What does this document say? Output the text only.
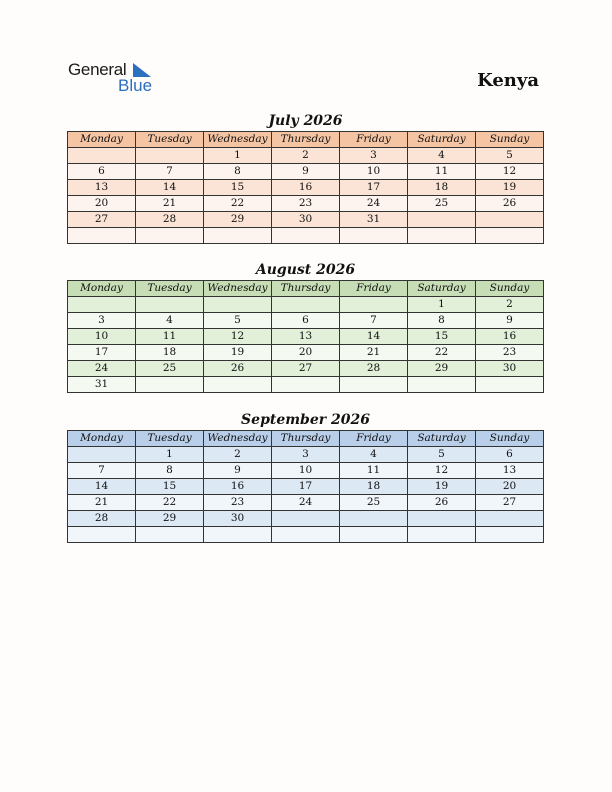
General
Blue	Kenya
July 2026
Monday	Tuesday	Wednesday	Thursday	Friday	Saturday	Sunday
		1	2	3	4	5
6	7	8	9	10	11	12
13	14	15	16	17	18	19
20	21	22	23	24	25	26
27	28	29	30	31		

August 2026
Monday	Tuesday	Wednesday	Thursday	Friday	Saturday	Sunday
					1	2
3	4	5	6	7	8	9
10	11	12	13	14	15	16
17	18	19	20	21	22	23
24	25	26	27	28	29	30
31						
September 2026
Monday	Tuesday	Wednesday	Thursday	Friday	Saturday	Sunday
	1	2	3	4	5	6
7	8	9	10	11	12	13
14	15	16	17	18	19	20
21	22	23	24	25	26	27
28	29	30				
